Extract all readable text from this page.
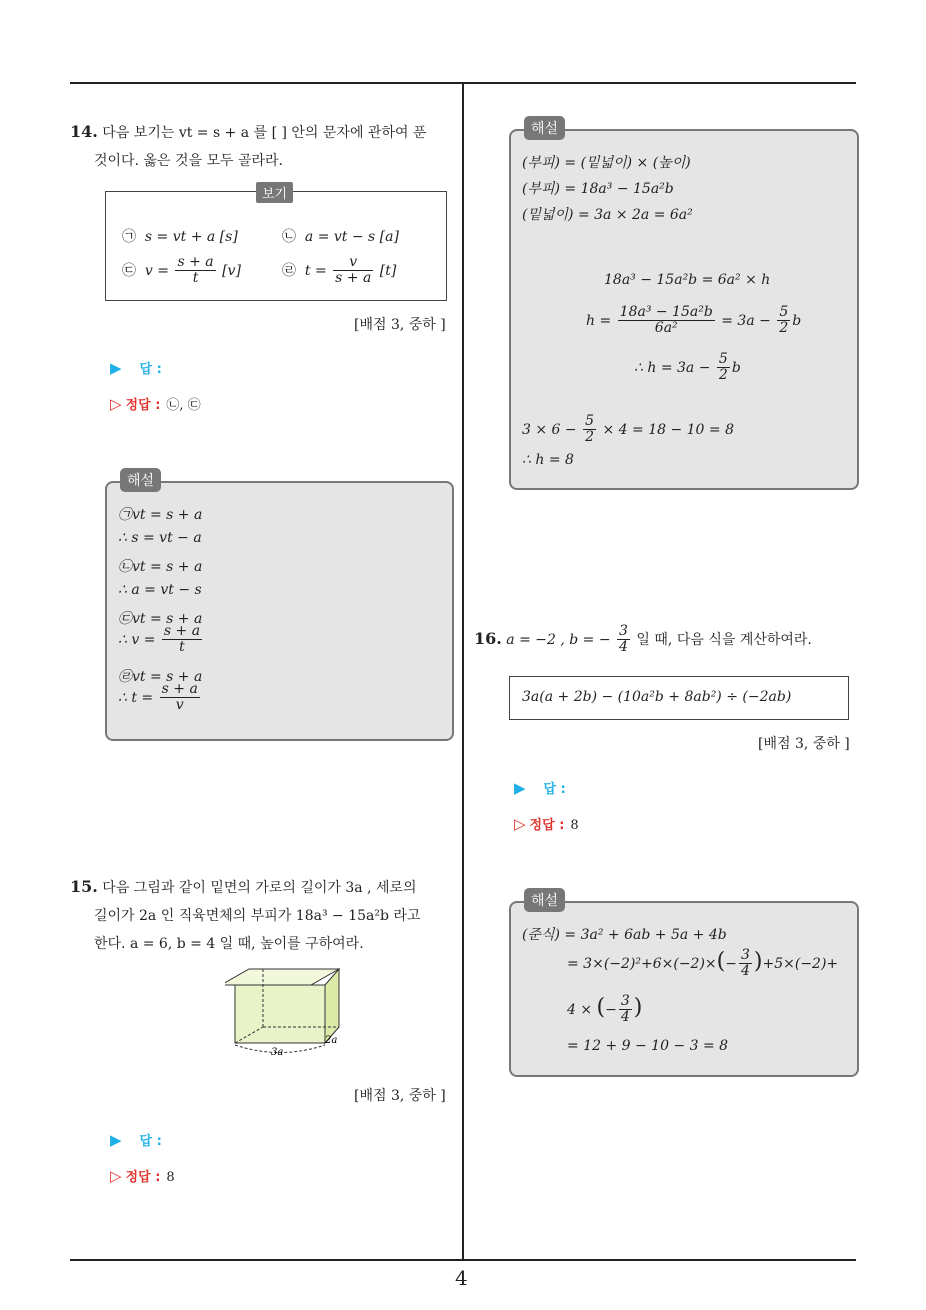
14. 다음 보기는 vt = s + a 를 [ ] 안의 문자에 관하여 푼
것이다. 옳은 것을 모두 골라라.
보기
㉠ s = vt + a [s]	㉡ a = vt − s [a]
㉢ $v = \frac{s + a}{t} [v]$	㉣ $t = \frac{v}{s + a} [t]$
[배점 3, 중하 ]
▶ 답 :
▷ 정답 : ㉡, ㉢
해설
㉠vt = s + a
∴ s = vt − a
㉡vt = s + a
∴ a = vt − s
㉢vt = s + a
∴ $v = \frac{s + a}{t}$
㉣vt = s + a
∴ $t = \frac{s + a}{v}$
15. 다음 그림과 같이 밑면의 가로의 길이가 3a , 세로의
길이가 2a 인 직육면체의 부피가 18a³ − 15a²b 라고
한다. a = 6, b = 4 일 때, 높이를 구하여라.
3a
2a
[배점 3, 중하 ]
▶ 답 :
▷ 정답 : 8
해설
(부피) = (밑넓이) × (높이)
(부피) = 18a³ − 15a²b
(밑넓이) = 3a × 2a = 6a²
18a³ − 15a²b = 6a² × h
$h = \frac{\text{18a³ − 15a²b}}{\text{6a²}} = 3a - \frac{5}{2}$ b
∴ $h = 3a - \frac{5}{2}$ b
$3 \times 6 - \frac{5}{2} \times 4 = 18 - 10 = 8$
∴ h = 8
16. a = −2 , b = − $\frac{3}{4}$ 일 때, 다음 식을 계산하여라.
3a(a + 2b) − (10a²b + 8ab²) ÷ (−2ab)
[배점 3, 중하 ]
▶ 답 :
▷ 정답 : 8
해설
(준식) = 3a² + 6ab + 5a + 4b
= $3\times(-2)^2+6\times(-2)\times(- \frac{3}{4} )+5\times(-2)+$
4 × (− $\frac{3}{4}$ )
= 12 + 9 − 10 − 3 = 8
4
